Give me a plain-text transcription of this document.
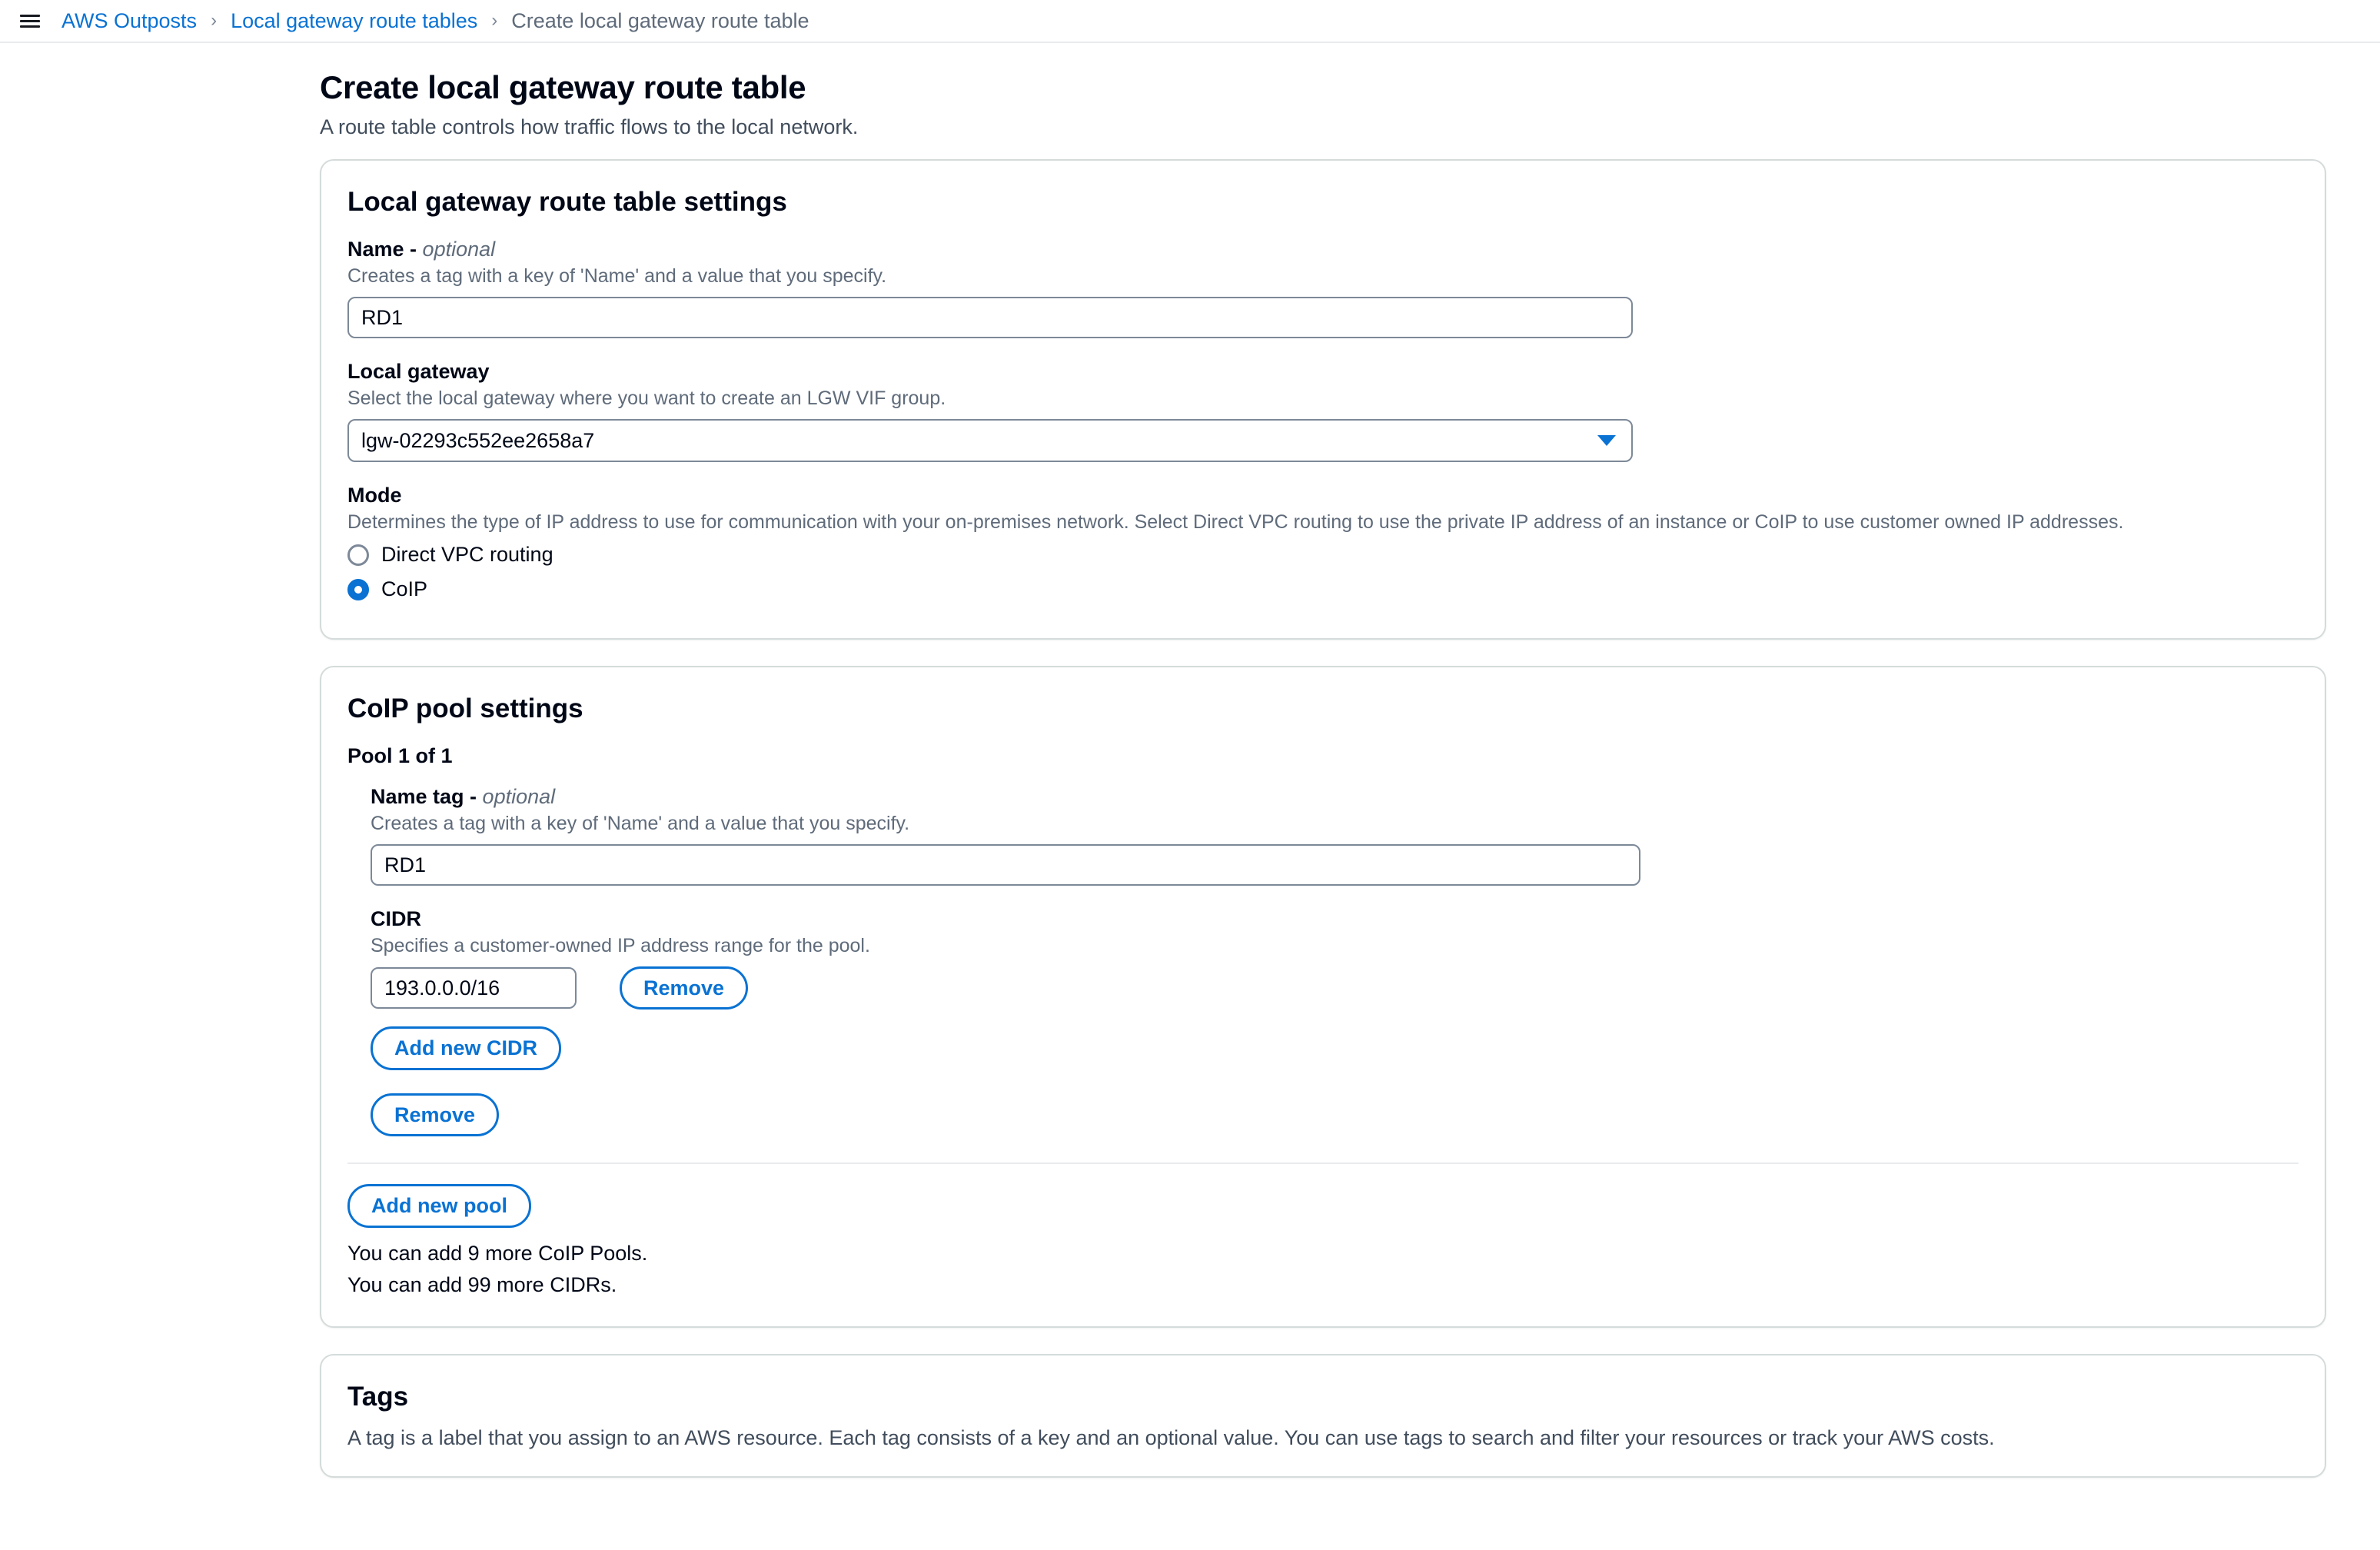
AWS Outposts › Local gateway route tables › Create local gateway route table
Create local gateway route table

A route table controls how traffic flows to the local network.

Local gateway route table settings
Name - optional
Creates a tag with a key of 'Name' and a value that you specify.
RD1
Local gateway
Select the local gateway where you want to create an LGW VIF group.
lgw-02293c552ee2658a7
Mode
Determines the type of IP address to use for communication with your on-premises network. Select Direct VPC routing to use the private IP address of an instance or CoIP to use customer owned IP addresses.
Direct VPC routing
CoIP
CoIP pool settings
Pool 1 of 1
Name tag - optional
Creates a tag with a key of 'Name' and a value that you specify.
RD1
CIDR
Specifies a customer-owned IP address range for the pool.
193.0.0.0/16
Remove
Add new CIDR
Remove
Add new pool
You can add 9 more CoIP Pools.
You can add 99 more CIDRs.
Tags

A tag is a label that you assign to an AWS resource. Each tag consists of a key and an optional value. You can use tags to search and filter your resources or track your AWS costs.
